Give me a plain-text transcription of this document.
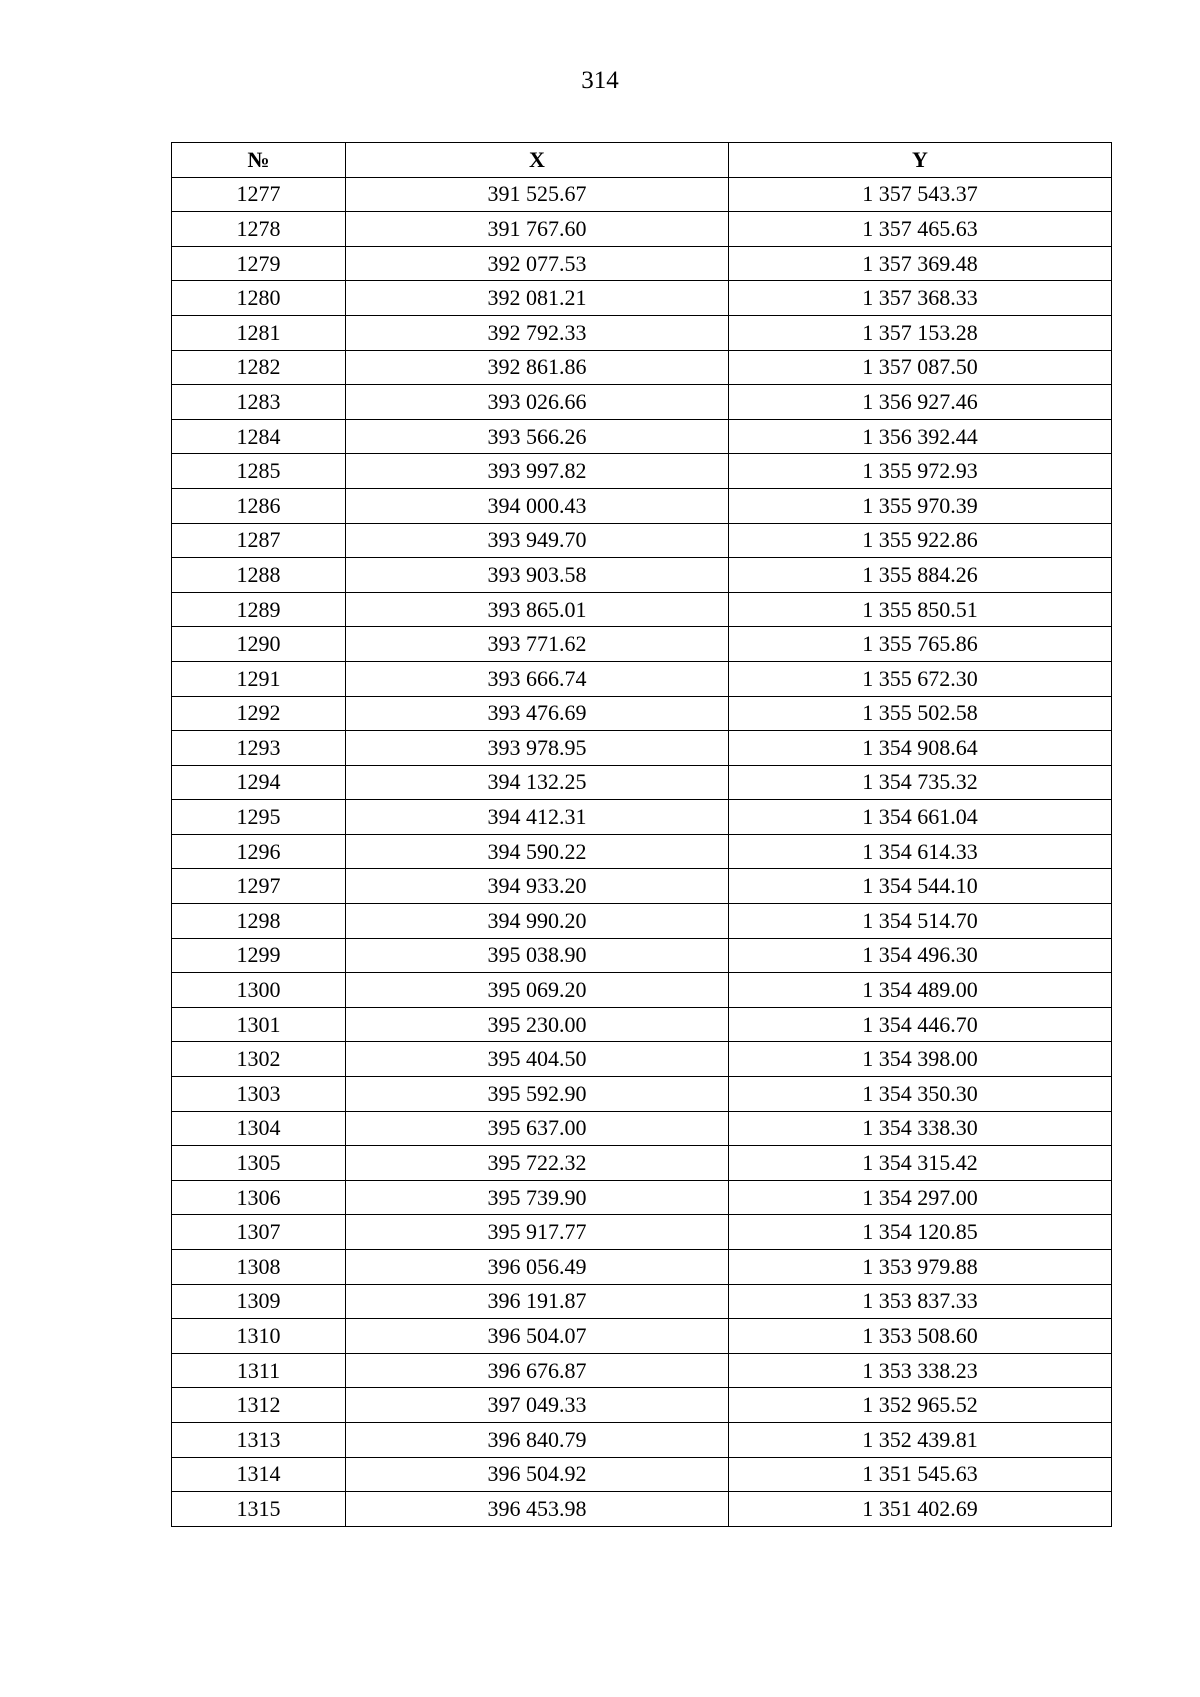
314
№	X	Y
1277	391 525.67	1 357 543.37
1278	391 767.60	1 357 465.63
1279	392 077.53	1 357 369.48
1280	392 081.21	1 357 368.33
1281	392 792.33	1 357 153.28
1282	392 861.86	1 357 087.50
1283	393 026.66	1 356 927.46
1284	393 566.26	1 356 392.44
1285	393 997.82	1 355 972.93
1286	394 000.43	1 355 970.39
1287	393 949.70	1 355 922.86
1288	393 903.58	1 355 884.26
1289	393 865.01	1 355 850.51
1290	393 771.62	1 355 765.86
1291	393 666.74	1 355 672.30
1292	393 476.69	1 355 502.58
1293	393 978.95	1 354 908.64
1294	394 132.25	1 354 735.32
1295	394 412.31	1 354 661.04
1296	394 590.22	1 354 614.33
1297	394 933.20	1 354 544.10
1298	394 990.20	1 354 514.70
1299	395 038.90	1 354 496.30
1300	395 069.20	1 354 489.00
1301	395 230.00	1 354 446.70
1302	395 404.50	1 354 398.00
1303	395 592.90	1 354 350.30
1304	395 637.00	1 354 338.30
1305	395 722.32	1 354 315.42
1306	395 739.90	1 354 297.00
1307	395 917.77	1 354 120.85
1308	396 056.49	1 353 979.88
1309	396 191.87	1 353 837.33
1310	396 504.07	1 353 508.60
1311	396 676.87	1 353 338.23
1312	397 049.33	1 352 965.52
1313	396 840.79	1 352 439.81
1314	396 504.92	1 351 545.63
1315	396 453.98	1 351 402.69
